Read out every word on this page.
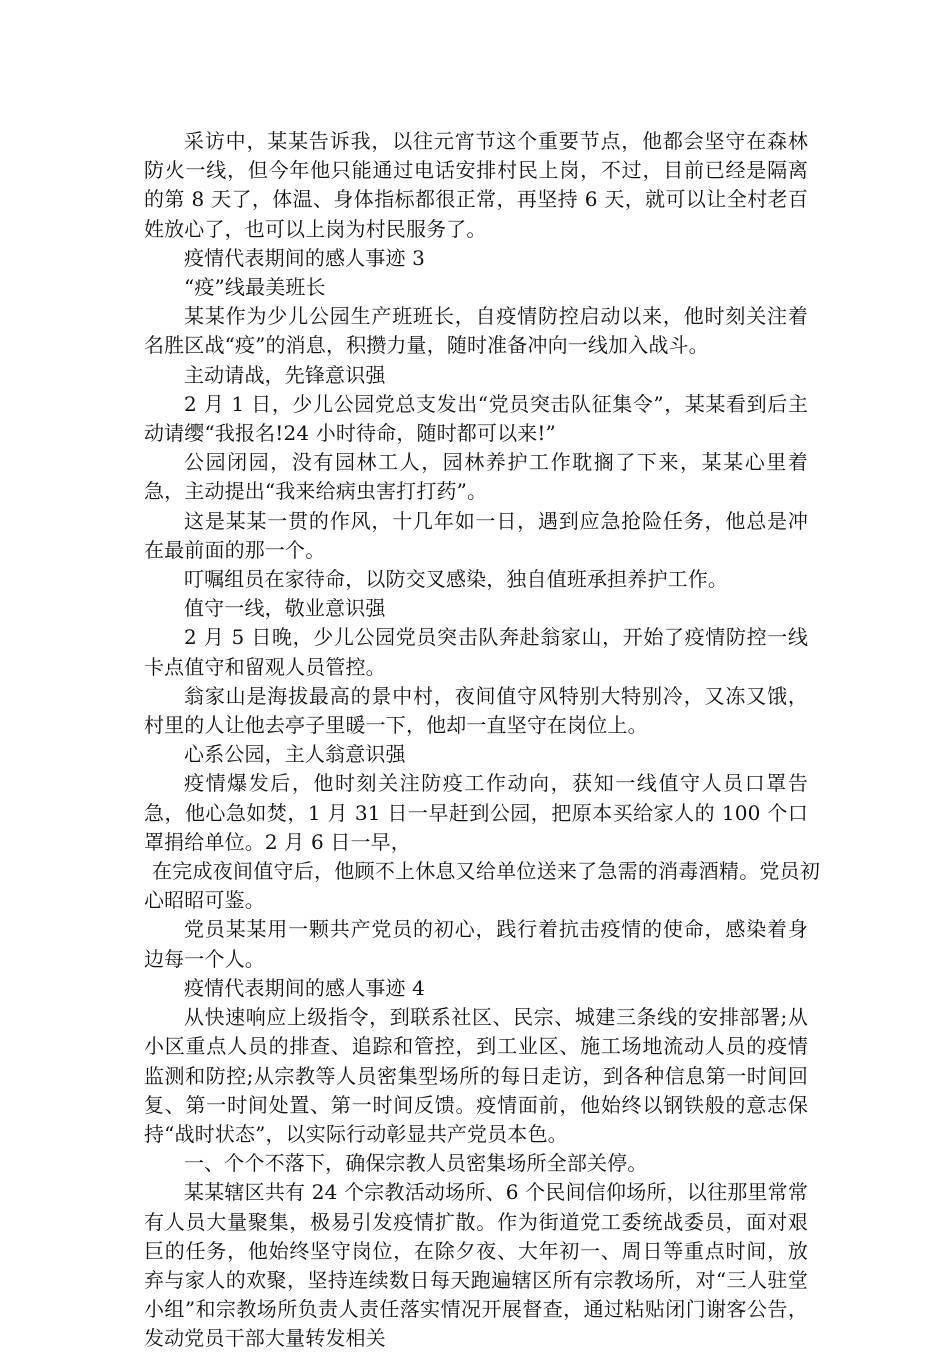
采访中，某某告诉我，以往元宵节这个重要节点，他都会坚守在森林防火一线，但今年他只能通过电话安排村民上岗，不过，目前已经是隔离的第 8 天了，体温、身体指标都很正常，再坚持 6 天，就可以让全村老百姓放心了，也可以上岗为村民服务了。

疫情代表期间的感人事迹 3

“疫”线最美班长

某某作为少儿公园生产班班长，自疫情防控启动以来，他时刻关注着名胜区战“疫”的消息，积攒力量，随时准备冲向一线加入战斗。

主动请战，先锋意识强

2 月 1 日，少儿公园党总支发出“党员突击队征集令”，某某看到后主动请缨“我报名!24 小时待命，随时都可以来!”

公园闭园，没有园林工人，园林养护工作耽搁了下来，某某心里着急，主动提出“我来给病虫害打打药”。

这是某某一贯的作风，十几年如一日，遇到应急抢险任务，他总是冲在最前面的那一个。

叮嘱组员在家待命，以防交叉感染，独自值班承担养护工作。

值守一线，敬业意识强

2 月 5 日晚，少儿公园党员突击队奔赴翁家山，开始了疫情防控一线卡点值守和留观人员管控。

翁家山是海拔最高的景中村，夜间值守风特别大特别冷，又冻又饿，村里的人让他去亭子里暖一下，他却一直坚守在岗位上。

心系公园，主人翁意识强

疫情爆发后，他时刻关注防疫工作动向，获知一线值守人员口罩告急，他心急如焚，1 月 31 日一早赶到公园，把原本买给家人的 100 个口罩捐给单位。2 月 6 日一早，

在完成夜间值守后，他顾不上休息又给单位送来了急需的消毒酒精。党员初心昭昭可鉴。

党员某某用一颗共产党员的初心，践行着抗击疫情的使命，感染着身边每一个人。

疫情代表期间的感人事迹 4

从快速响应上级指令，到联系社区、民宗、城建三条线的安排部署;从小区重点人员的排查、追踪和管控，到工业区、施工场地流动人员的疫情监测和防控;从宗教等人员密集型场所的每日走访，到各种信息第一时间回复、第一时间处置、第一时间反馈。疫情面前，他始终以钢铁般的意志保持“战时状态”，以实际行动彰显共产党员本色。

一、个个不落下，确保宗教人员密集场所全部关停。

某某辖区共有 24 个宗教活动场所、6 个民间信仰场所，以往那里常常有人员大量聚集，极易引发疫情扩散。作为街道党工委统战委员，面对艰巨的任务，他始终坚守岗位，在除夕夜、大年初一、周日等重点时间，放弃与家人的欢聚，坚持连续数日每天跑遍辖区所有宗教场所，对“三人驻堂小组”和宗教场所负责人责任落实情况开展督查，通过粘贴闭门谢客公告，发动党员干部大量转发相关
